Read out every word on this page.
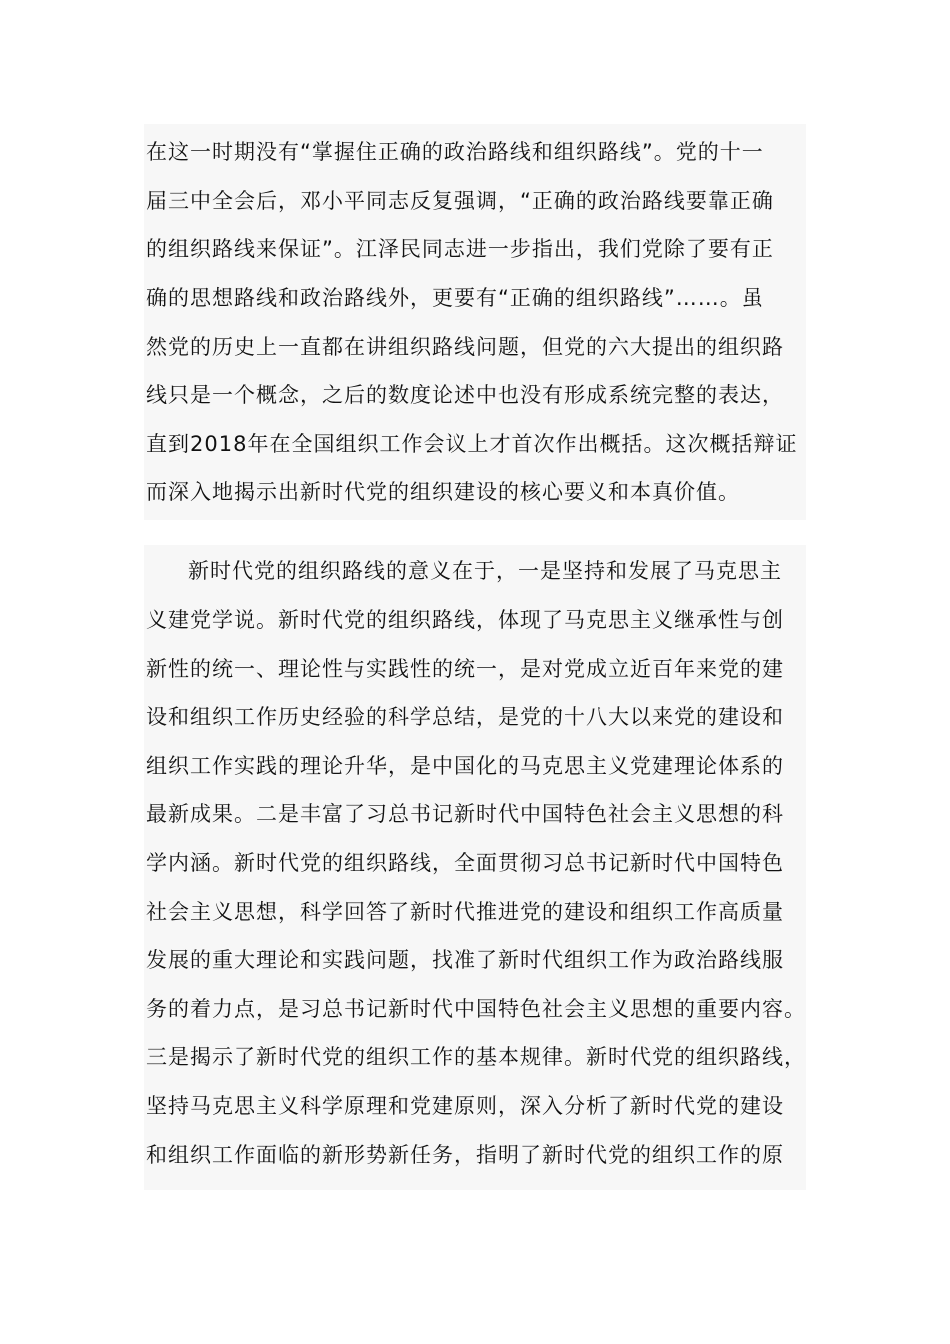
在这一时期没有“掌握住正确的政治路线和组织路线”。党的十一
届三中全会后，邓小平同志反复强调，“正确的政治路线要靠正确
的组织路线来保证”。江泽民同志进一步指出，我们党除了要有正
确的思想路线和政治路线外，更要有“正确的组织路线”……。虽
然党的历史上一直都在讲组织路线问题，但党的六大提出的组织路
线只是一个概念，之后的数度论述中也没有形成系统完整的表达，
直到2018年在全国组织工作会议上才首次作出概括。这次概括辩证
而深入地揭示出新时代党的组织建设的核心要义和本真价值。
新时代党的组织路线的意义在于，一是坚持和发展了马克思主
义建党学说。新时代党的组织路线，体现了马克思主义继承性与创
新性的统一、理论性与实践性的统一，是对党成立近百年来党的建
设和组织工作历史经验的科学总结，是党的十八大以来党的建设和
组织工作实践的理论升华，是中国化的马克思主义党建理论体系的
最新成果。二是丰富了习总书记新时代中国特色社会主义思想的科
学内涵。新时代党的组织路线，全面贯彻习总书记新时代中国特色
社会主义思想，科学回答了新时代推进党的建设和组织工作高质量
发展的重大理论和实践问题，找准了新时代组织工作为政治路线服
务的着力点，是习总书记新时代中国特色社会主义思想的重要内容。
三是揭示了新时代党的组织工作的基本规律。新时代党的组织路线，
坚持马克思主义科学原理和党建原则，深入分析了新时代党的建设
和组织工作面临的新形势新任务，指明了新时代党的组织工作的原
